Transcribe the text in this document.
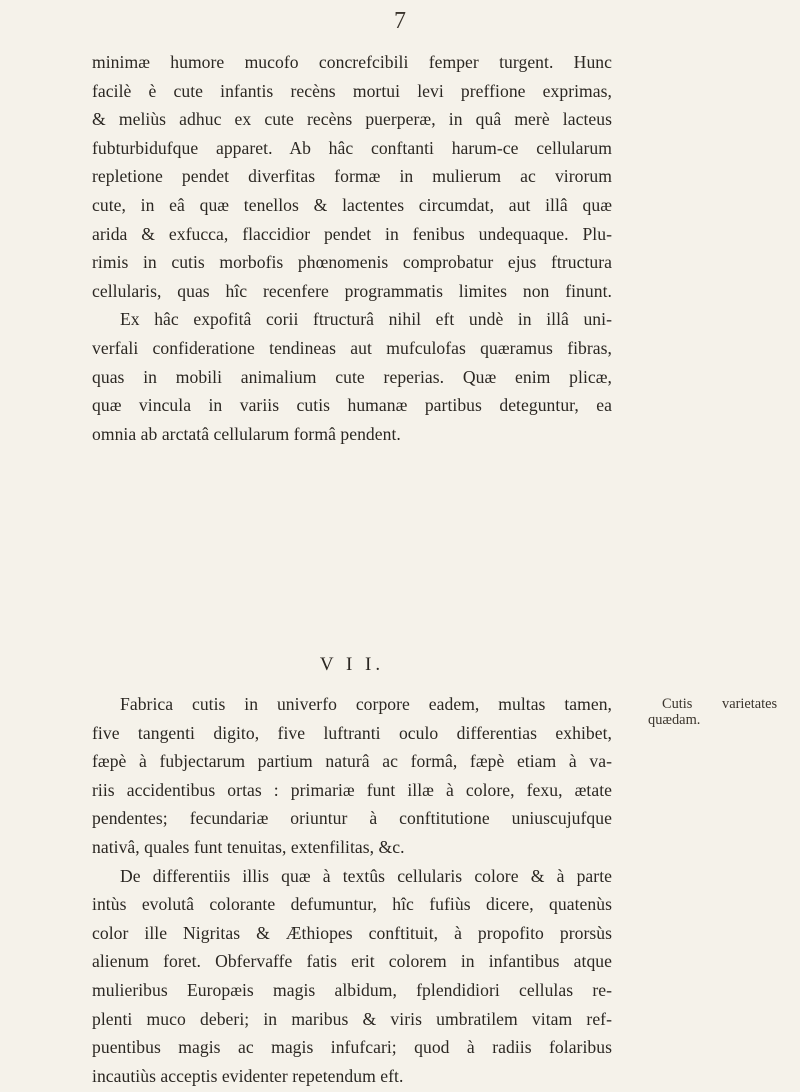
7
minimæ humore mucofo concrefcibili femper turgent. Hunc
facilè è cute infantis recèns mortui levi preffione exprimas,
& meliùs adhuc ex cute recèns puerperæ, in quâ merè lacteus
fubturbidufque apparet. Ab hâc conftanti harum-ce cellularum
repletione pendet diverfitas formæ in mulierum ac virorum
cute, in eâ quæ tenellos & lactentes circumdat, aut illâ quæ
arida & exfucca, flaccidior pendet in fenibus undequaque. Plu-
rimis in cutis morbofis phœnomenis comprobatur ejus ftructura
cellularis, quas hîc recenfere programmatis limites non finunt.
Ex hâc expofitâ corii ftructurâ nihil eft undè in illâ uni-
verfali confideratione tendineas aut mufculofas quæramus fibras,
quas in mobili animalium cute reperias. Quæ enim plicæ,
quæ vincula in variis cutis humanæ partibus deteguntur, ea
omnia ab arctatâ cellularum formâ pendent.
V I I.
Fabrica cutis in univerfo corpore eadem, multas tamen,
five tangenti digito, five luftranti oculo differentias exhibet,
fæpè à fubjectarum partium naturâ ac formâ, fæpè etiam à va-
riis accidentibus ortas : primariæ funt illæ à colore, fexu, ætate
pendentes; fecundariæ oriuntur à conftitutione uniuscujufque
nativâ, quales funt tenuitas, extenfilitas, &c.
De differentiis illis quæ à textûs cellularis colore & à parte
intùs evolutâ colorante defumuntur, hîc fufiùs dicere, quatenùs
color ille Nigritas & Æthiopes conftituit, à propofito prorsùs
alienum foret. Obfervaffe fatis erit colorem in infantibus atque
mulieribus Europæis magis albidum, fplendidiori cellulas re-
plenti muco deberi; in maribus & viris umbratilem vitam ref-
puentibus magis ac magis infufcari; quod à radiis folaribus
incautiùs acceptis evidenter repetendum eft.
Cutis varietates
quædam.
